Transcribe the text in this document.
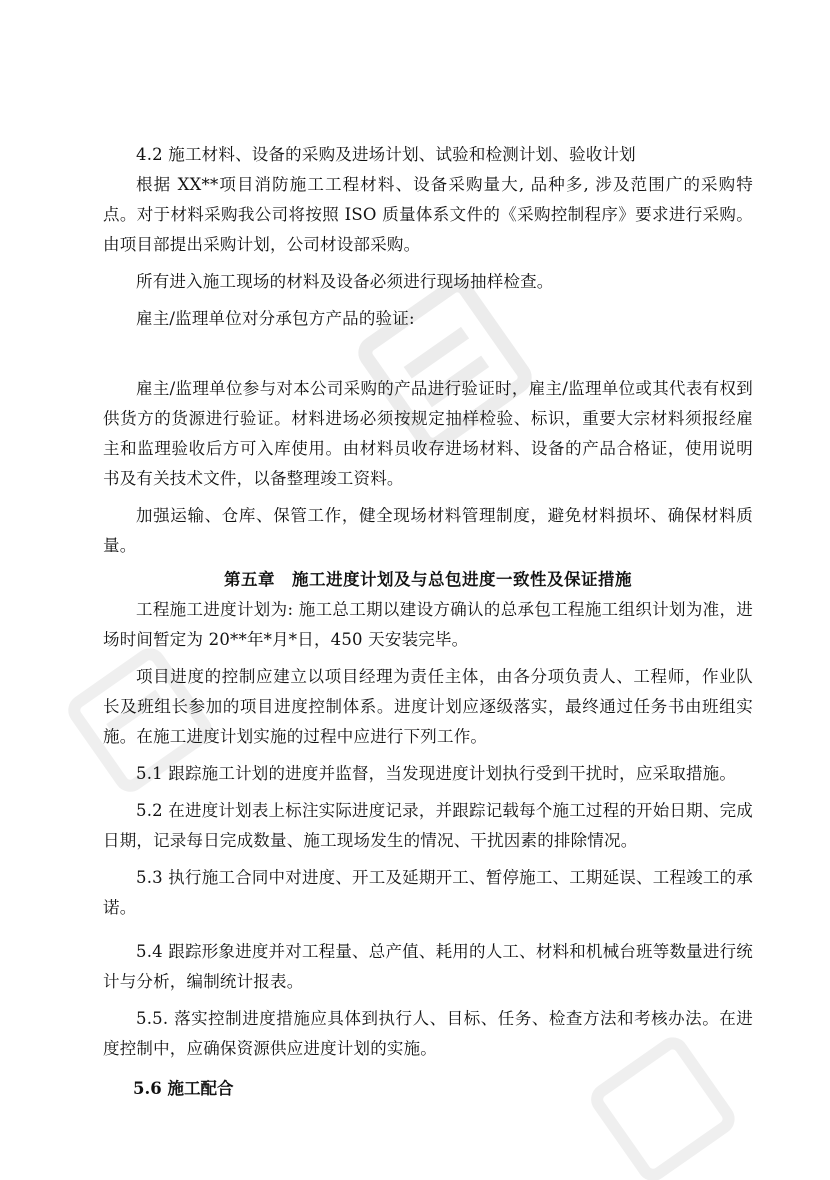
4.2 施工材料、设备的采购及进场计划、试验和检测计划、验收计划

根据 XX**项目消防施工工程材料、设备采购量大, 品种多, 涉及范围广的采购特点。对于材料采购我公司将按照 ISO 质量体系文件的《采购控制程序》要求进行采购。由项目部提出采购计划，公司材设部采购。

所有进入施工现场的材料及设备必须进行现场抽样检查。

雇主/监理单位对分承包方产品的验证:

雇主/监理单位参与对本公司采购的产品进行验证时，雇主/监理单位或其代表有权到供货方的货源进行验证。材料进场必须按规定抽样检验、标识，重要大宗材料须报经雇主和监理验收后方可入库使用。由材料员收存进场材料、设备的产品合格证，使用说明书及有关技术文件，以备整理竣工资料。

加强运输、仓库、保管工作，健全现场材料管理制度，避免材料损坏、确保材料质量。

第五章　施工进度计划及与总包进度一致性及保证措施

工程施工进度计划为: 施工总工期以建设方确认的总承包工程施工组织计划为准，进场时间暂定为 20**年*月*日，450 天安装完毕。

项目进度的控制应建立以项目经理为责任主体，由各分项负责人、工程师，作业队长及班组长参加的项目进度控制体系。进度计划应逐级落实，最终通过任务书由班组实施。在施工进度计划实施的过程中应进行下列工作。

5.1 跟踪施工计划的进度并监督，当发现进度计划执行受到干扰时，应采取措施。

5.2 在进度计划表上标注实际进度记录，并跟踪记载每个施工过程的开始日期、完成日期，记录每日完成数量、施工现场发生的情况、干扰因素的排除情况。

5.3 执行施工合同中对进度、开工及延期开工、暂停施工、工期延误、工程竣工的承诺。

5.4 跟踪形象进度并对工程量、总产值、耗用的人工、材料和机械台班等数量进行统计与分析，编制统计报表。

5.5. 落实控制进度措施应具体到执行人、目标、任务、检查方法和考核办法。在进度控制中，应确保资源供应进度计划的实施。

5.6 施工配合
